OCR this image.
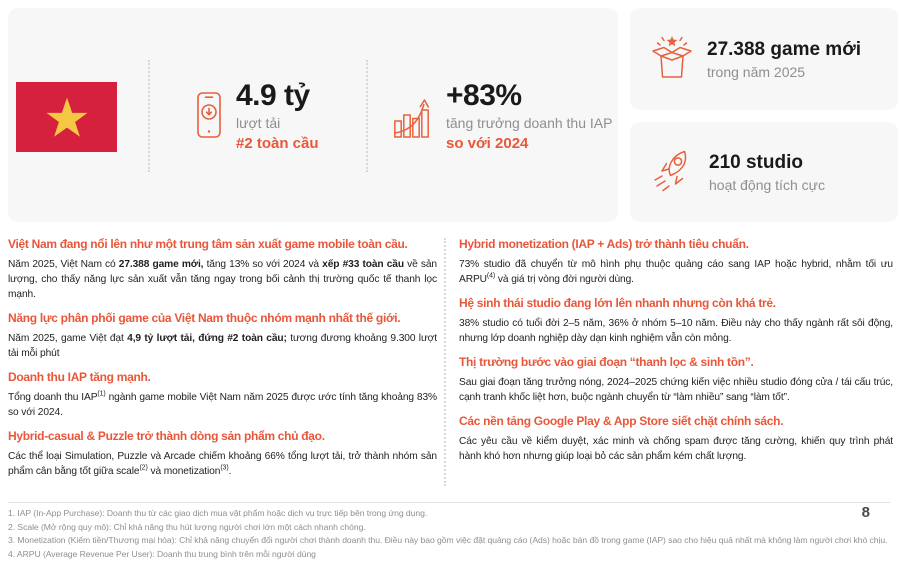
4.9 tỷ
lượt tải
#2 toàn cầu
+83%
tăng trưởng doanh thu IAP
so với 2024
27.388 game mới
trong năm 2025
210 studio
hoạt động tích cực
Việt Nam đang nổi lên như một trung tâm sản xuất game mobile toàn cầu.

Năm 2025, Việt Nam có 27.388 game mới, tăng 13% so với 2024 và xếp #33 toàn cầu về sản lượng, cho thấy năng lực sản xuất vẫn tăng ngay trong bối cảnh thị trường quốc tế thanh lọc mạnh.

Năng lực phân phối game của Việt Nam thuộc nhóm mạnh nhất thế giới.

Năm 2025, game Việt đạt 4,9 tỷ lượt tải, đứng #2 toàn cầu; tương đương khoảng 9.300 lượt tải mỗi phút

Doanh thu IAP tăng mạnh.

Tổng doanh thu IAP$^{(1)}$ ngành game mobile Việt Nam năm 2025 được ước tính tăng khoảng 83% so với 2024.

Hybrid-casual & Puzzle trở thành dòng sản phẩm chủ đạo.

Các thể loại Simulation, Puzzle và Arcade chiếm khoảng 66% tổng lượt tải, trở thành nhóm sản phẩm cân bằng tốt giữa scale$^{(2)}$ và monetization$^{(3)}$.

Hybrid monetization (IAP + Ads) trở thành tiêu chuẩn.

73% studio đã chuyển từ mô hình phụ thuộc quảng cáo sang IAP hoặc hybrid, nhằm tối ưu ARPU$^{(4)}$ và giá trị vòng đời người dùng.

Hệ sinh thái studio đang lớn lên nhanh nhưng còn khá trẻ.

38% studio có tuổi đời 2–5 năm, 36% ở nhóm 5–10 năm. Điều này cho thấy ngành rất sôi động, nhưng lớp doanh nghiệp dày dạn kinh nghiệm vẫn còn mỏng.

Thị trường bước vào giai đoạn “thanh lọc & sinh tồn”.

Sau giai đoạn tăng trưởng nóng, 2024–2025 chứng kiến việc nhiều studio đóng cửa / tái cấu trúc, cạnh tranh khốc liệt hơn, buộc ngành chuyển từ “làm nhiều” sang “làm tốt”.

Các nền tảng Google Play & App Store siết chặt chính sách.

Các yêu cầu về kiểm duyệt, xác minh và chống spam được tăng cường, khiến quy trình phát hành khó hơn nhưng giúp loại bỏ các sản phẩm kém chất lượng.

1. IAP (In-App Purchase): Doanh thu từ các giao dịch mua vật phẩm hoặc dịch vụ trực tiếp bên trong ứng dụng.
2. Scale (Mở rộng quy mô): Chỉ khả năng thu hút lượng người chơi lớn một cách nhanh chóng.
3. Monetization (Kiếm tiền/Thương mại hóa): Chỉ khả năng chuyển đổi người chơi thành doanh thu. Điều này bao gồm việc đặt quảng cáo (Ads) hoặc bán đồ trong game (IAP) sao cho hiệu quả nhất mà không làm người chơi khó chịu.
4. ARPU (Average Revenue Per User): Doanh thu trung bình trên mỗi người dùng
8
